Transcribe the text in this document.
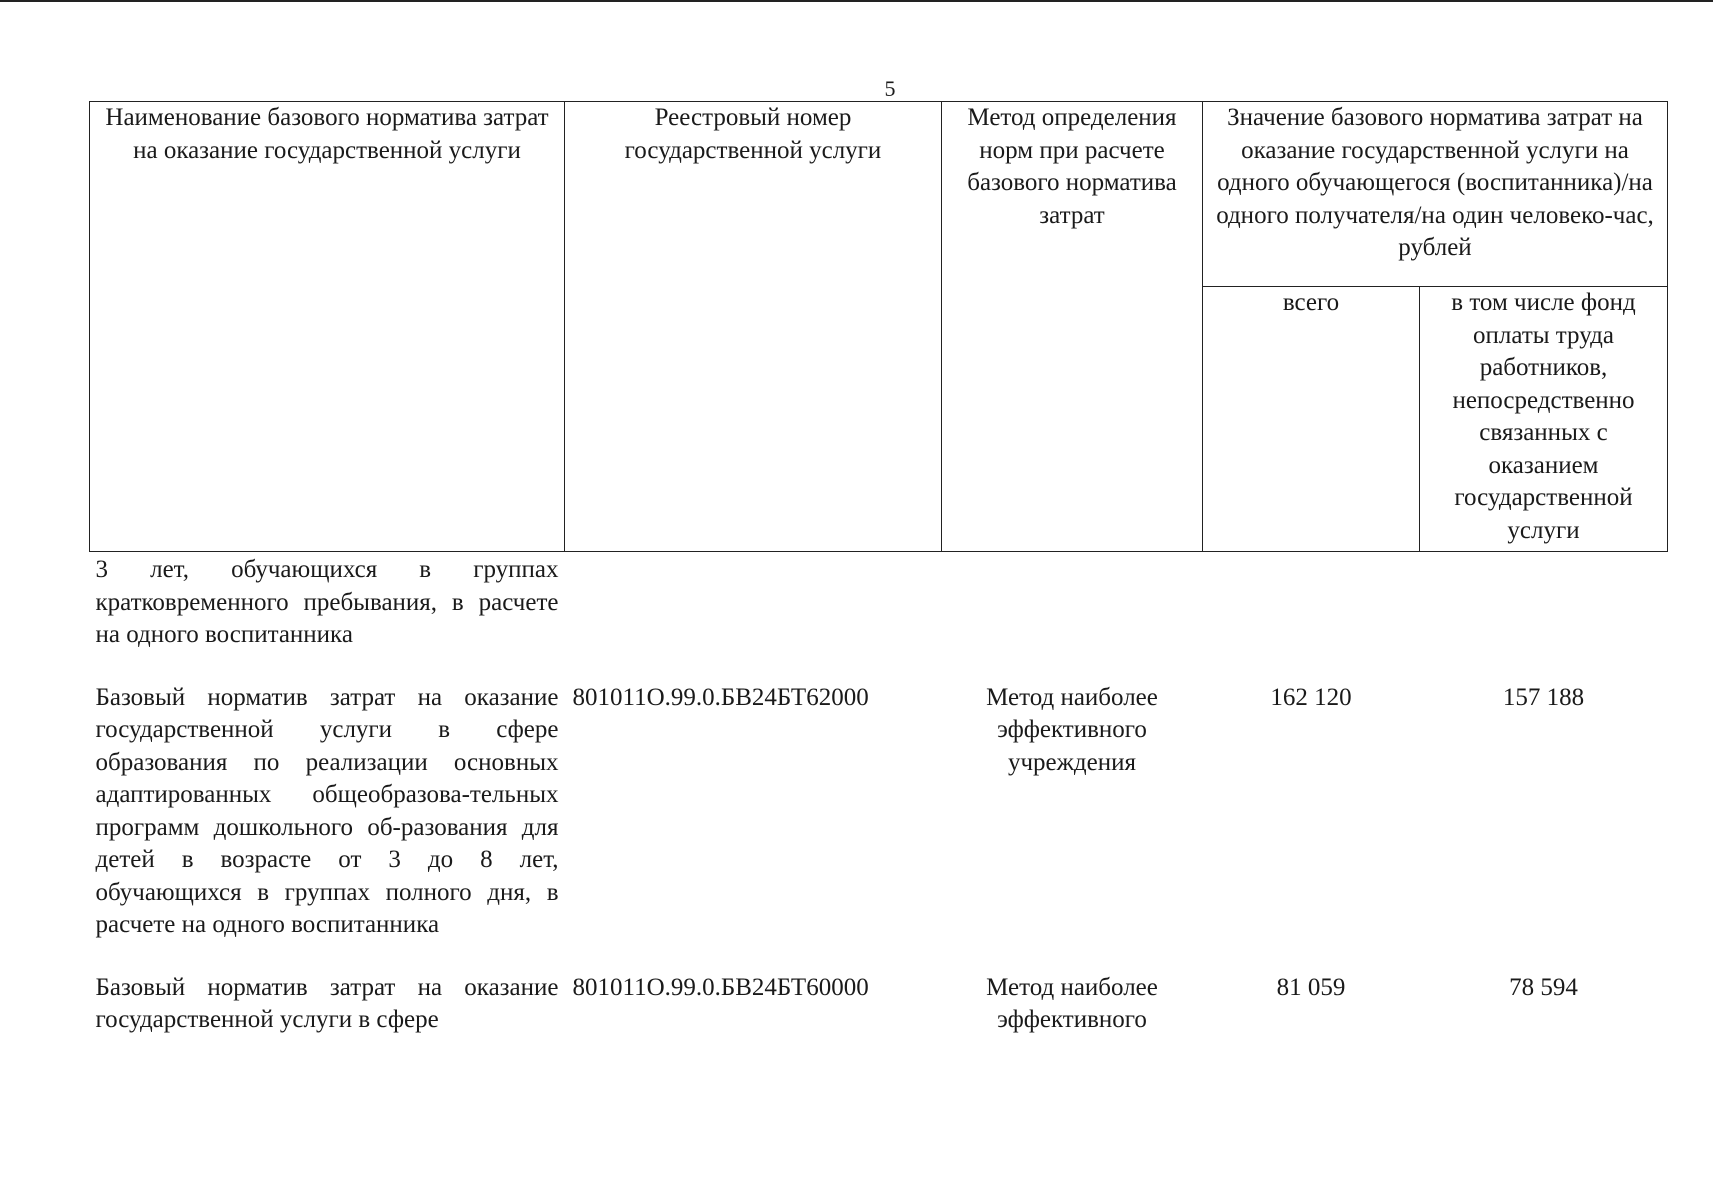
5
Наименование базового норматива затрат на оказание государственной услуги	Реестровый номер государственной услуги	Метод определения норм при расчете базового норматива затрат	Значение базового норматива затрат на оказание государственной услуги на одного обучающегося (воспитанника)/на одного получателя/на один человеко-час, рублей	
			всего	в том числе фонд оплаты труда работников, непосредственно связанных с оказанием государственной услуги
3 лет, обучающихся в группах кратковременного пребывания, в расчете на одного воспитанника				

Базовый норматив затрат на оказание государственной услуги в сфере образования по реализации основных адаптированных общеобразова-тельных программ дошкольного об-разования для детей в возрасте от 3 до 8 лет, обучающихся в группах полного дня, в расчете на одного воспитанника	801011О.99.0.БВ24БТ62000	Метод наиболее эффективного учреждения	162 120	157 188

Базовый норматив затрат на оказание государственной услуги в сфере	801011О.99.0.БВ24БТ60000	Метод наиболее эффективного	81 059	78 594
